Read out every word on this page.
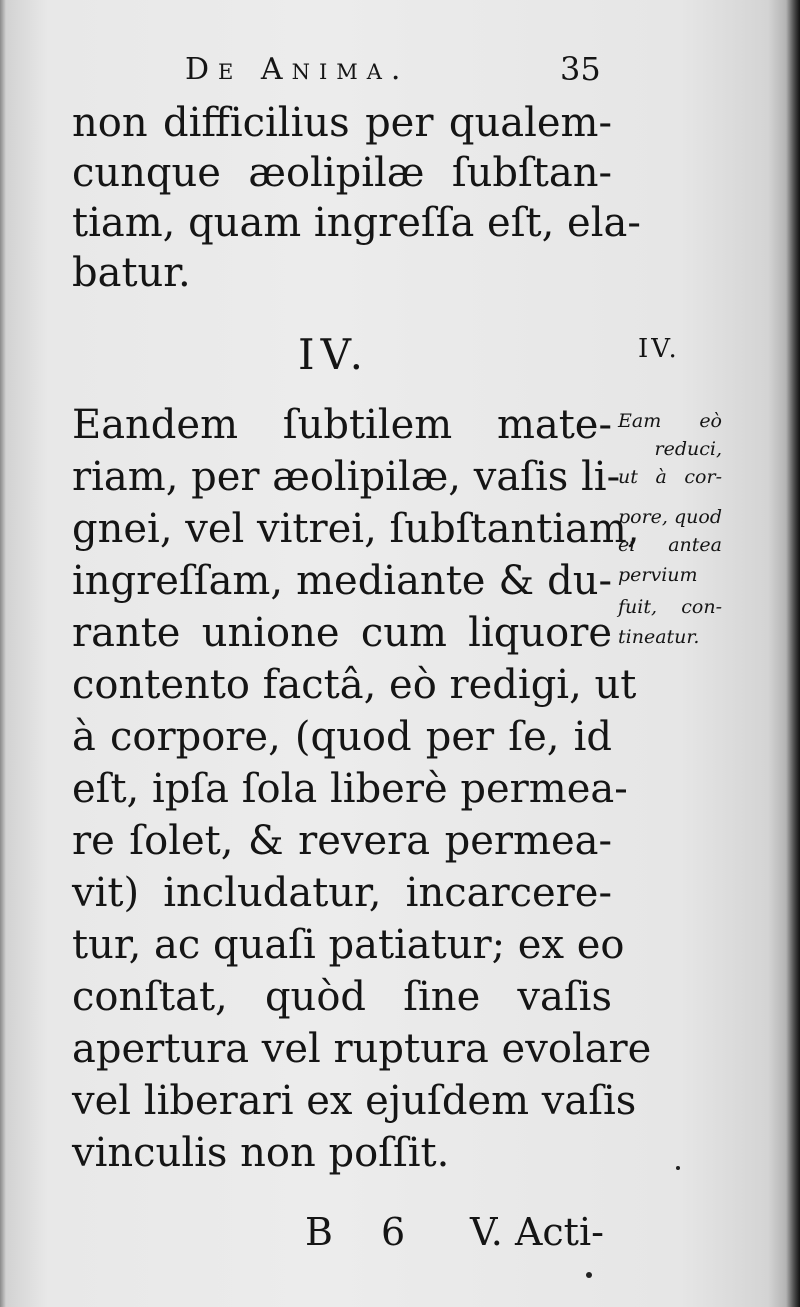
De Anima.	35
non difficilius per qualem-
cunque æolipilæ ſubſtan-
tiam, quam ingreſſa eſt, ela-
batur.
IV.	IV.
Eandem ſubtilem mate-
riam, per æolipilæ, vaſis li-
gnei, vel vitrei, ſubſtantiam,
ingreſſam, mediante & du-
rante unione cum liquore
contento factâ, eò redigi, ut
à corpore, (quod per ſe, id
eſt, ipſa ſola liberè permea-
re ſolet, & revera permea-
vit) includatur, incarcere-
tur, ac quaſi patiatur; ex eo
conſtat, quòd ſine vaſis
apertura vel ruptura evolare
vel liberari ex ejuſdem vaſis
vinculis non poſſit.
Eam eò
reduci,
ut à cor-
pore, quod
ei antea
pervium
fuit, con-
tineatur.
B 6 V. Acti-
